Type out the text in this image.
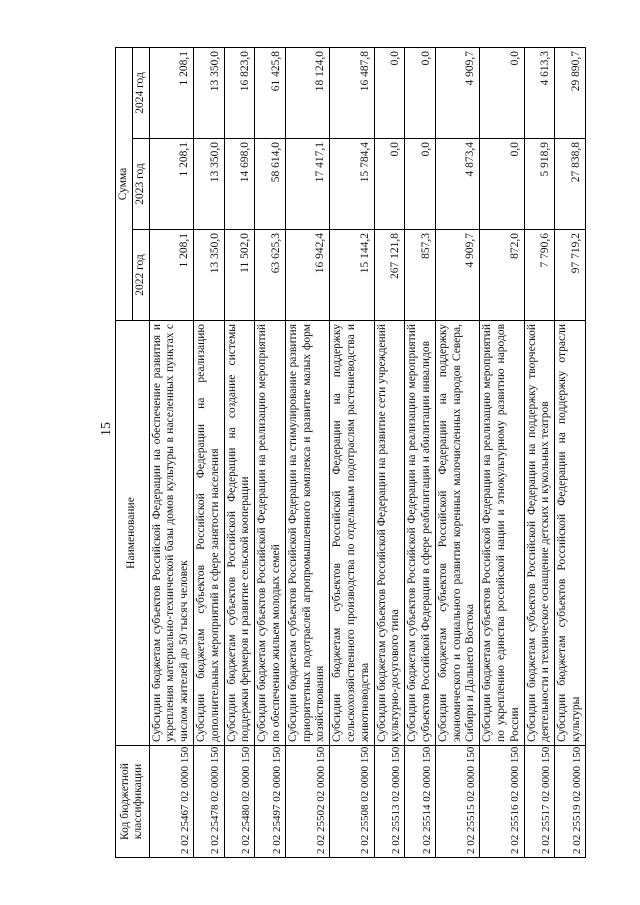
15
Код бюджетной классификации	Наименование	Сумма		
		2022 год	2023 год	2024 год
2 02 25467 02 0000 150	Субсидии бюджетам субъектов Российской Федерации на обеспечение развития и укрепления материально-технической базы домов культуры в населенных пунктах с числом жителей до 50 тысяч человек	1 208,1	1 208,1	1 208,1
2 02 25478 02 0000 150	Субсидии бюджетам субъектов Российской Федерации на реализацию дополнительных мероприятий в сфере занятости населения	13 350,0	13 350,0	13 350,0
2 02 25480 02 0000 150	Субсидии бюджетам субъектов Российской Федерации на создание системы поддержки фермеров и развитие сельской кооперации	11 502,0	14 698,0	16 823,0
2 02 25497 02 0000 150	Субсидии бюджетам субъектов Российской Федерации на реализацию мероприятий по обеспечению жильем молодых семей	63 625,3	58 614,0	61 425,8
2 02 25502 02 0000 150	Субсидии бюджетам субъектов Российской Федерации на стимулирование развития приоритетных подотраслей агропромышленного комплекса и развитие малых форм хозяйствования	16 942,4	17 417,1	18 124,0
2 02 25508 02 0000 150	Субсидии бюджетам субъектов Российской Федерации на поддержку сельскохозяйственного производства по отдельным подотраслям растениеводства и животноводства	15 144,2	15 784,4	16 487,8
2 02 25513 02 0000 150	Субсидии бюджетам субъектов Российской Федерации на развитие сети учреждений культурно-досугового типа	267 121,8	0,0	0,0
2 02 25514 02 0000 150	Субсидии бюджетам субъектов Российской Федерации на реализацию мероприятий субъектов Российской Федерации в сфере реабилитации и абилитации инвалидов	857,3	0,0	0,0
2 02 25515 02 0000 150	Субсидии бюджетам субъектов Российской Федерации на поддержку экономического и социального развития коренных малочисленных народов Севера, Сибири и Дальнего Востока	4 909,7	4 873,4	4 909,7
2 02 25516 02 0000 150	Субсидии бюджетам субъектов Российской Федерации на реализацию мероприятий по укреплению единства российской нации и этнокультурному развитию народов России	872,0	0,0	0,0
2 02 25517 02 0000 150	Субсидии бюджетам субъектов Российской Федерации на поддержку творческой деятельности и техническое оснащение детских и кукольных театров	7 790,6	5 918,9	4 613,3
2 02 25519 02 0000 150	Субсидии бюджетам субъектов Российской Федерации на поддержку отрасли культуры	97 719,2	27 838,8	29 890,7
